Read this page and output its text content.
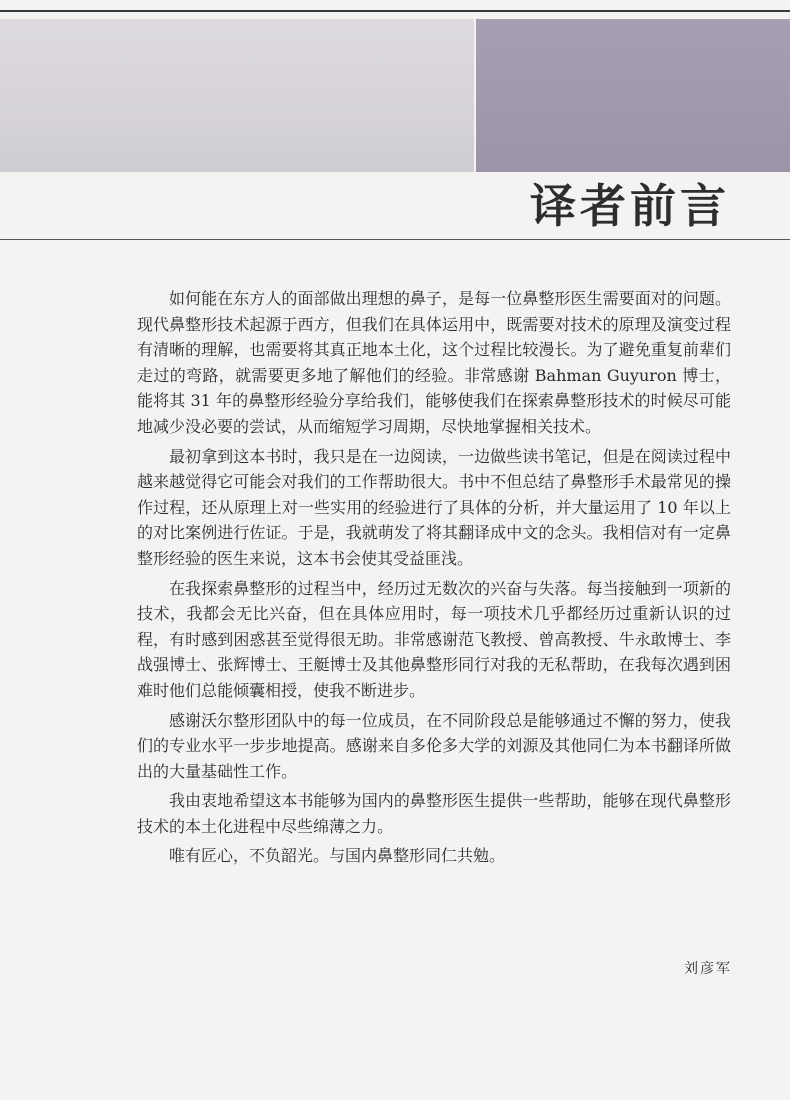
译者前言

如何能在东方人的面部做出理想的鼻子，是每一位鼻整形医生需要面对的问题。现代鼻整形技术起源于西方，但我们在具体运用中，既需要对技术的原理及演变过程有清晰的理解，也需要将其真正地本土化，这个过程比较漫长。为了避免重复前辈们走过的弯路，就需要更多地了解他们的经验。非常感谢 Bahman Guyuron 博士，能将其 31 年的鼻整形经验分享给我们，能够使我们在探索鼻整形技术的时候尽可能地减少没必要的尝试，从而缩短学习周期，尽快地掌握相关技术。

最初拿到这本书时，我只是在一边阅读，一边做些读书笔记，但是在阅读过程中越来越觉得它可能会对我们的工作帮助很大。书中不但总结了鼻整形手术最常见的操作过程，还从原理上对一些实用的经验进行了具体的分析，并大量运用了 10 年以上的对比案例进行佐证。于是，我就萌发了将其翻译成中文的念头。我相信对有一定鼻整形经验的医生来说，这本书会使其受益匪浅。

在我探索鼻整形的过程当中，经历过无数次的兴奋与失落。每当接触到一项新的技术，我都会无比兴奋，但在具体应用时，每一项技术几乎都经历过重新认识的过程，有时感到困惑甚至觉得很无助。非常感谢范飞教授、曾高教授、牛永敢博士、李战强博士、张辉博士、王艇博士及其他鼻整形同行对我的无私帮助，在我每次遇到困难时他们总能倾囊相授，使我不断进步。

感谢沃尔整形团队中的每一位成员，在不同阶段总是能够通过不懈的努力，使我们的专业水平一步步地提高。感谢来自多伦多大学的刘源及其他同仁为本书翻译所做出的大量基础性工作。

我由衷地希望这本书能够为国内的鼻整形医生提供一些帮助，能够在现代鼻整形技术的本土化进程中尽些绵薄之力。

唯有匠心，不负韶光。与国内鼻整形同仁共勉。

刘彦军
